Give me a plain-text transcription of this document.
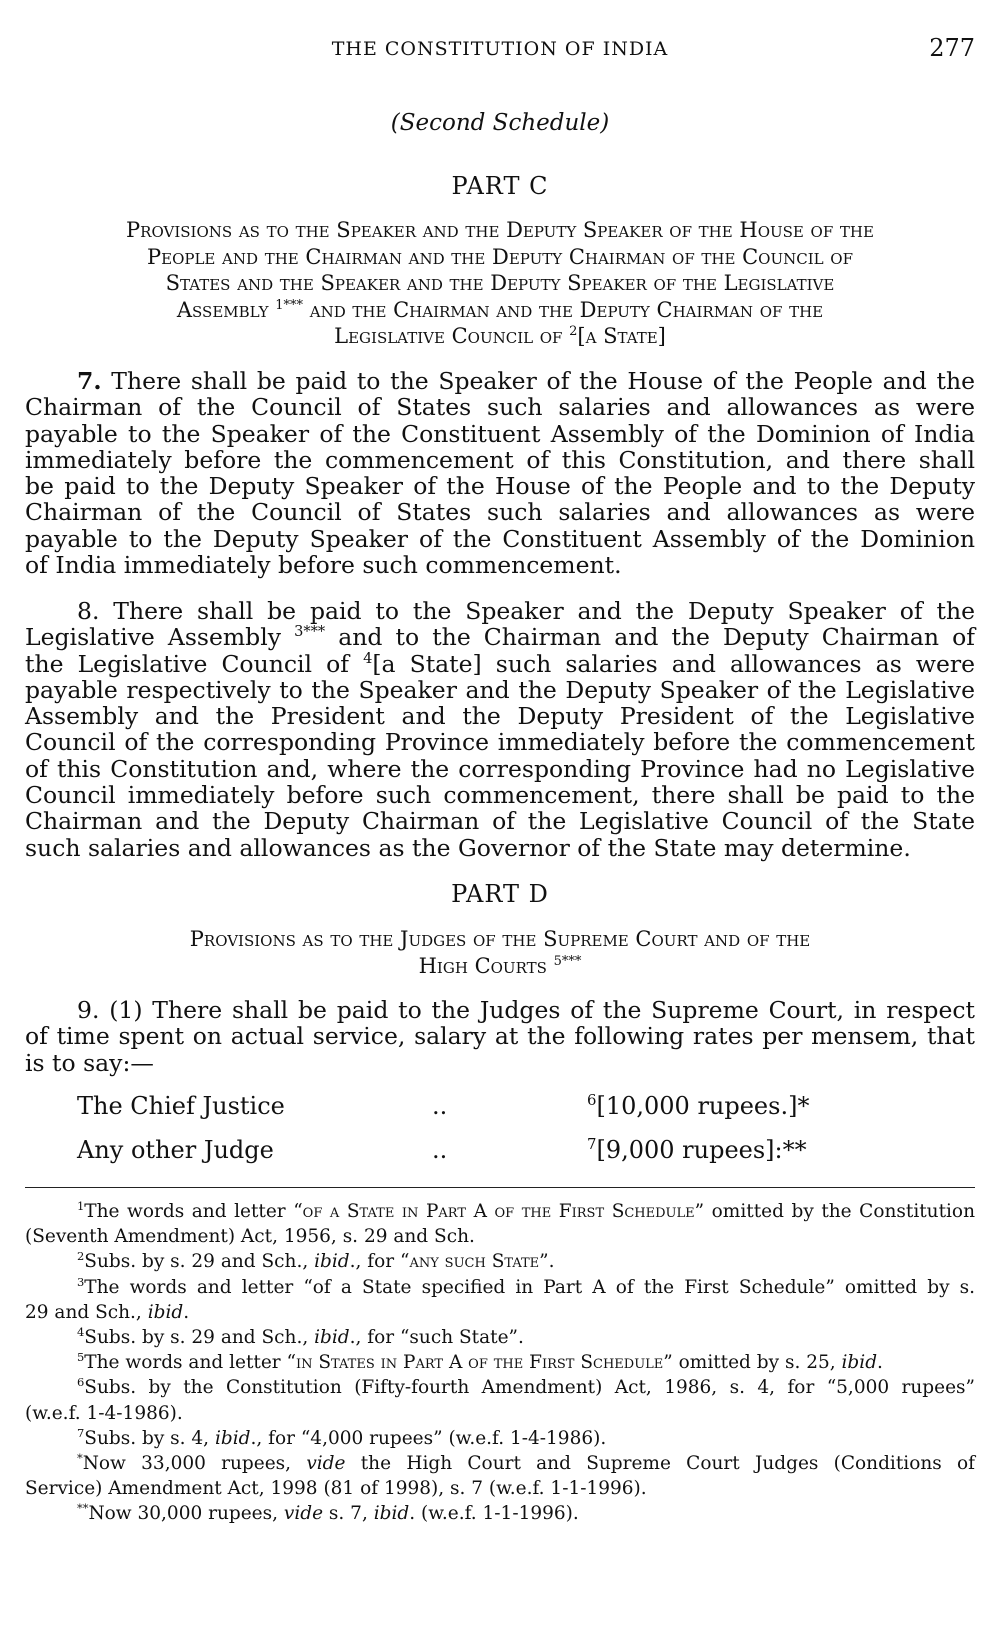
THE CONSTITUTION OF INDIA	277
(Second Schedule)
PART C
Provisions as to the Speaker and the Deputy Speaker of the House of the
People and the Chairman and the Deputy Chairman of the Council of
States and the Speaker and the Deputy Speaker of the Legislative
Assembly $^{1***}$ and the Chairman and the Deputy Chairman of the
Legislative Council of $^2$[a State]
7. There shall be paid to the Speaker of the House of the People and the
Chairman of the Council of States such salaries and allowances as were
payable to the Speaker of the Constituent Assembly of the Dominion of India
immediately before the commencement of this Constitution, and there shall
be paid to the Deputy Speaker of the House of the People and to the Deputy
Chairman of the Council of States such salaries and allowances as were
payable to the Deputy Speaker of the Constituent Assembly of the Dominion
of India immediately before such commencement.
8. There shall be paid to the Speaker and the Deputy Speaker of the
Legislative Assembly $^{3***}$ and to the Chairman and the Deputy Chairman of
the Legislative Council of $^4$[a State] such salaries and allowances as were
payable respectively to the Speaker and the Deputy Speaker of the Legislative
Assembly and the President and the Deputy President of the Legislative
Council of the corresponding Province immediately before the commencement
of this Constitution and, where the corresponding Province had no Legislative
Council immediately before such commencement, there shall be paid to the
Chairman and the Deputy Chairman of the Legislative Council of the State
such salaries and allowances as the Governor of the State may determine.
PART D
Provisions as to the Judges of the Supreme Court and of the
High Courts $^{5***}$
9. (1) There shall be paid to the Judges of the Supreme Court, in respect
of time spent on actual service, salary at the following rates per mensem, that
is to say:—
The Chief Justice	..	$^6$[10,000 rupees.]*
Any other Judge	..	$^7$[9,000 rupees]:**
$^1$The words and letter “of a State in Part A of the First Schedule” omitted by the Constitution
(Seventh Amendment) Act, 1956, s. 29 and Sch.
$^2$Subs. by s. 29 and Sch., ibid., for “any such State”.
$^3$The words and letter “of a State specified in Part A of the First Schedule” omitted by s.
29 and Sch., ibid.
$^4$Subs. by s. 29 and Sch., ibid., for “such State”.
$^5$The words and letter “in States in Part A of the First Schedule” omitted by s. 25, ibid.
$^6$Subs. by the Constitution (Fifty-fourth Amendment) Act, 1986, s. 4, for “5,000 rupees”
(w.e.f. 1-4-1986).
$^7$Subs. by s. 4, ibid., for “4,000 rupees” (w.e.f. 1-4-1986).
*Now 33,000 rupees, vide the High Court and Supreme Court Judges (Conditions of
Service) Amendment Act, 1998 (81 of 1998), s. 7 (w.e.f. 1-1-1996).
**Now 30,000 rupees, vide s. 7, ibid. (w.e.f. 1-1-1996).
